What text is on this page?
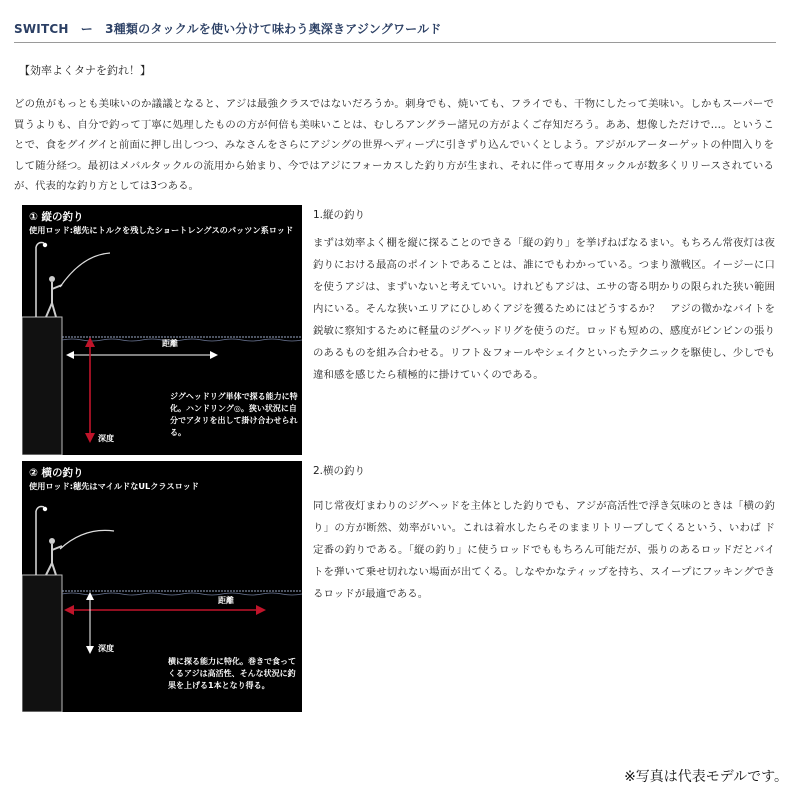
SWITCH　ー　3種類のタックルを使い分けて味わう奥深きアジングワールド
【効率よくタナを釣れ！】
どの魚がもっとも美味いのか議議となると、アジは最強クラスではないだろうか。刺身でも、焼いても、フライでも、干物にしたって美味い。しかもスーパーで買うよりも、自分で釣って丁寧に処理したものの方が何倍も美味いことは、むしろアングラー諸兄の方がよくご存知だろう。ああ、想像しただけで…。ということで、食をグイグイと前面に押し出しつつ、みなさんをさらにアジングの世界へディープに引きずり込んでいくとしよう。アジがルアーターゲットの仲間入りをして随分経つ。最初はメバルタックルの流用から始まり、今ではアジにフォーカスした釣り方が生まれ、それに伴って専用タックルが数多くリリースされているが、代表的な釣り方としては3つある。
① 縦の釣り
使用ロッド:穂先にトルクを残したショートレングスのパッツン系ロッド
距離
深度
ジグヘッドリグ単体で探る能力に特化。ハンドリング◎。狭い状況に自分でアタリを出して掛け合わせられる。
1.縦の釣り
まずは効率よく棚を縦に探ることのできる「縦の釣り」を挙げねばなるまい。もちろん常夜灯は夜釣りにおける最高のポイントであることは、誰にでもわかっている。つまり激戦区。イージーに口を使うアジは、まずいないと考えていい。けれどもアジは、エサの寄る明かりの限られた狭い範囲内にいる。そんな狭いエリアにひしめくアジを獲るためにはどうするか？　アジの微かなバイトを鋭敏に察知するために軽量のジグヘッドリグを使うのだ。ロッドも短めの、感度がビンビンの張りのあるものを組み合わせる。リフト＆フォールやシェイクといったテクニックを駆使し、少しでも違和感を感じたら積極的に掛けていくのである。
② 横の釣り
使用ロッド:穂先はマイルドなULクラスロッド
距離
深度
横に探る能力に特化。巻きで食ってくるアジは高活性、そんな状況に釣果を上げる1本となり得る。
2.横の釣り
同じ常夜灯まわりのジグヘッドを主体とした釣りでも、アジが高活性で浮き気味のときは「横の釣り」の方が断然、効率がいい。これは着水したらそのままリトリーブしてくるという、いわば ド定番の釣りである。「縦の釣り」に使うロッドでももちろん可能だが、張りのあるロッドだとバイトを弾いて乗せ切れない場面が出てくる。しなやかなティップを持ち、スイープにフッキングできるロッドが最適である。
※写真は代表モデルです。
